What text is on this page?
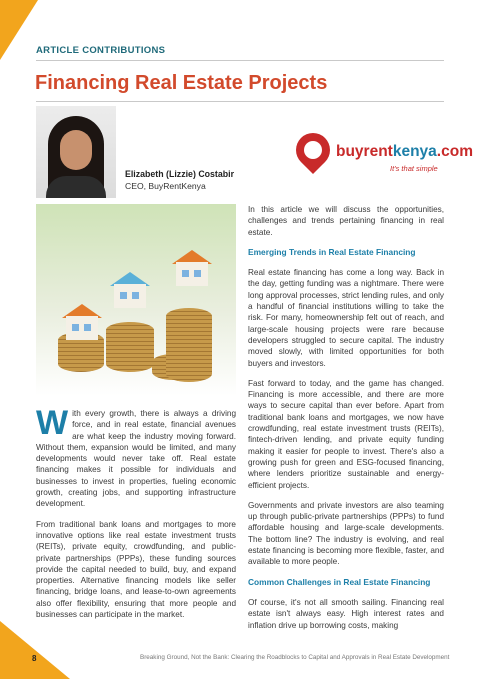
ARTICLE CONTRIBUTIONS
Financing Real Estate Projects
Elizabeth (Lizzie) Costabir
CEO, BuyRentKenya
buyrentkenya.com
It's that simple

With every growth, there is always a driving force, and in real estate, financial avenues are what keep the industry moving forward. Without them, expansion would be limited, and many developments would never take off. Real estate financing makes it possible for individuals and businesses to invest in properties, fueling economic growth, creating jobs, and supporting infrastructure development.

From traditional bank loans and mortgages to more innovative options like real estate investment trusts (REITs), private equity, crowdfunding, and public-private partnerships (PPPs), these funding sources provide the capital needed to build, buy, and expand properties. Alternative financing models like seller financing, bridge loans, and lease-to-own agreements also offer flexibility, ensuring that more people and businesses can participate in the market.

In this article we will discuss the opportunities, challenges and trends pertaining financing in real estate.

Emerging Trends in Real Estate Financing

Real estate financing has come a long way. Back in the day, getting funding was a nightmare. There were long approval processes, strict lending rules, and only a handful of financial institutions willing to take the risk. For many, homeownership felt out of reach, and large-scale housing projects were rare because developers struggled to secure capital. The industry moved slowly, with limited opportunities for both buyers and investors.

Fast forward to today, and the game has changed. Financing is more accessible, and there are more ways to secure capital than ever before. Apart from traditional bank loans and mortgages, we now have crowdfunding, real estate investment trusts (REITs), fintech-driven lending, and private equity funding making it easier for people to invest. There's also a growing push for green and ESG-focused financing, where lenders prioritize sustainable and energy-efficient projects.

Governments and private investors are also teaming up through public-private partnerships (PPPs) to fund affordable housing and large-scale developments. The bottom line? The industry is evolving, and real estate financing is becoming more flexible, faster, and available to more people.

Common Challenges in Real Estate Financing

Of course, it's not all smooth sailing. Financing real estate isn't always easy. High interest rates and inflation drive up borrowing costs, making

8	Breaking Ground, Not the Bank: Clearing the Roadblocks to Capital and Approvals in Real Estate Development
